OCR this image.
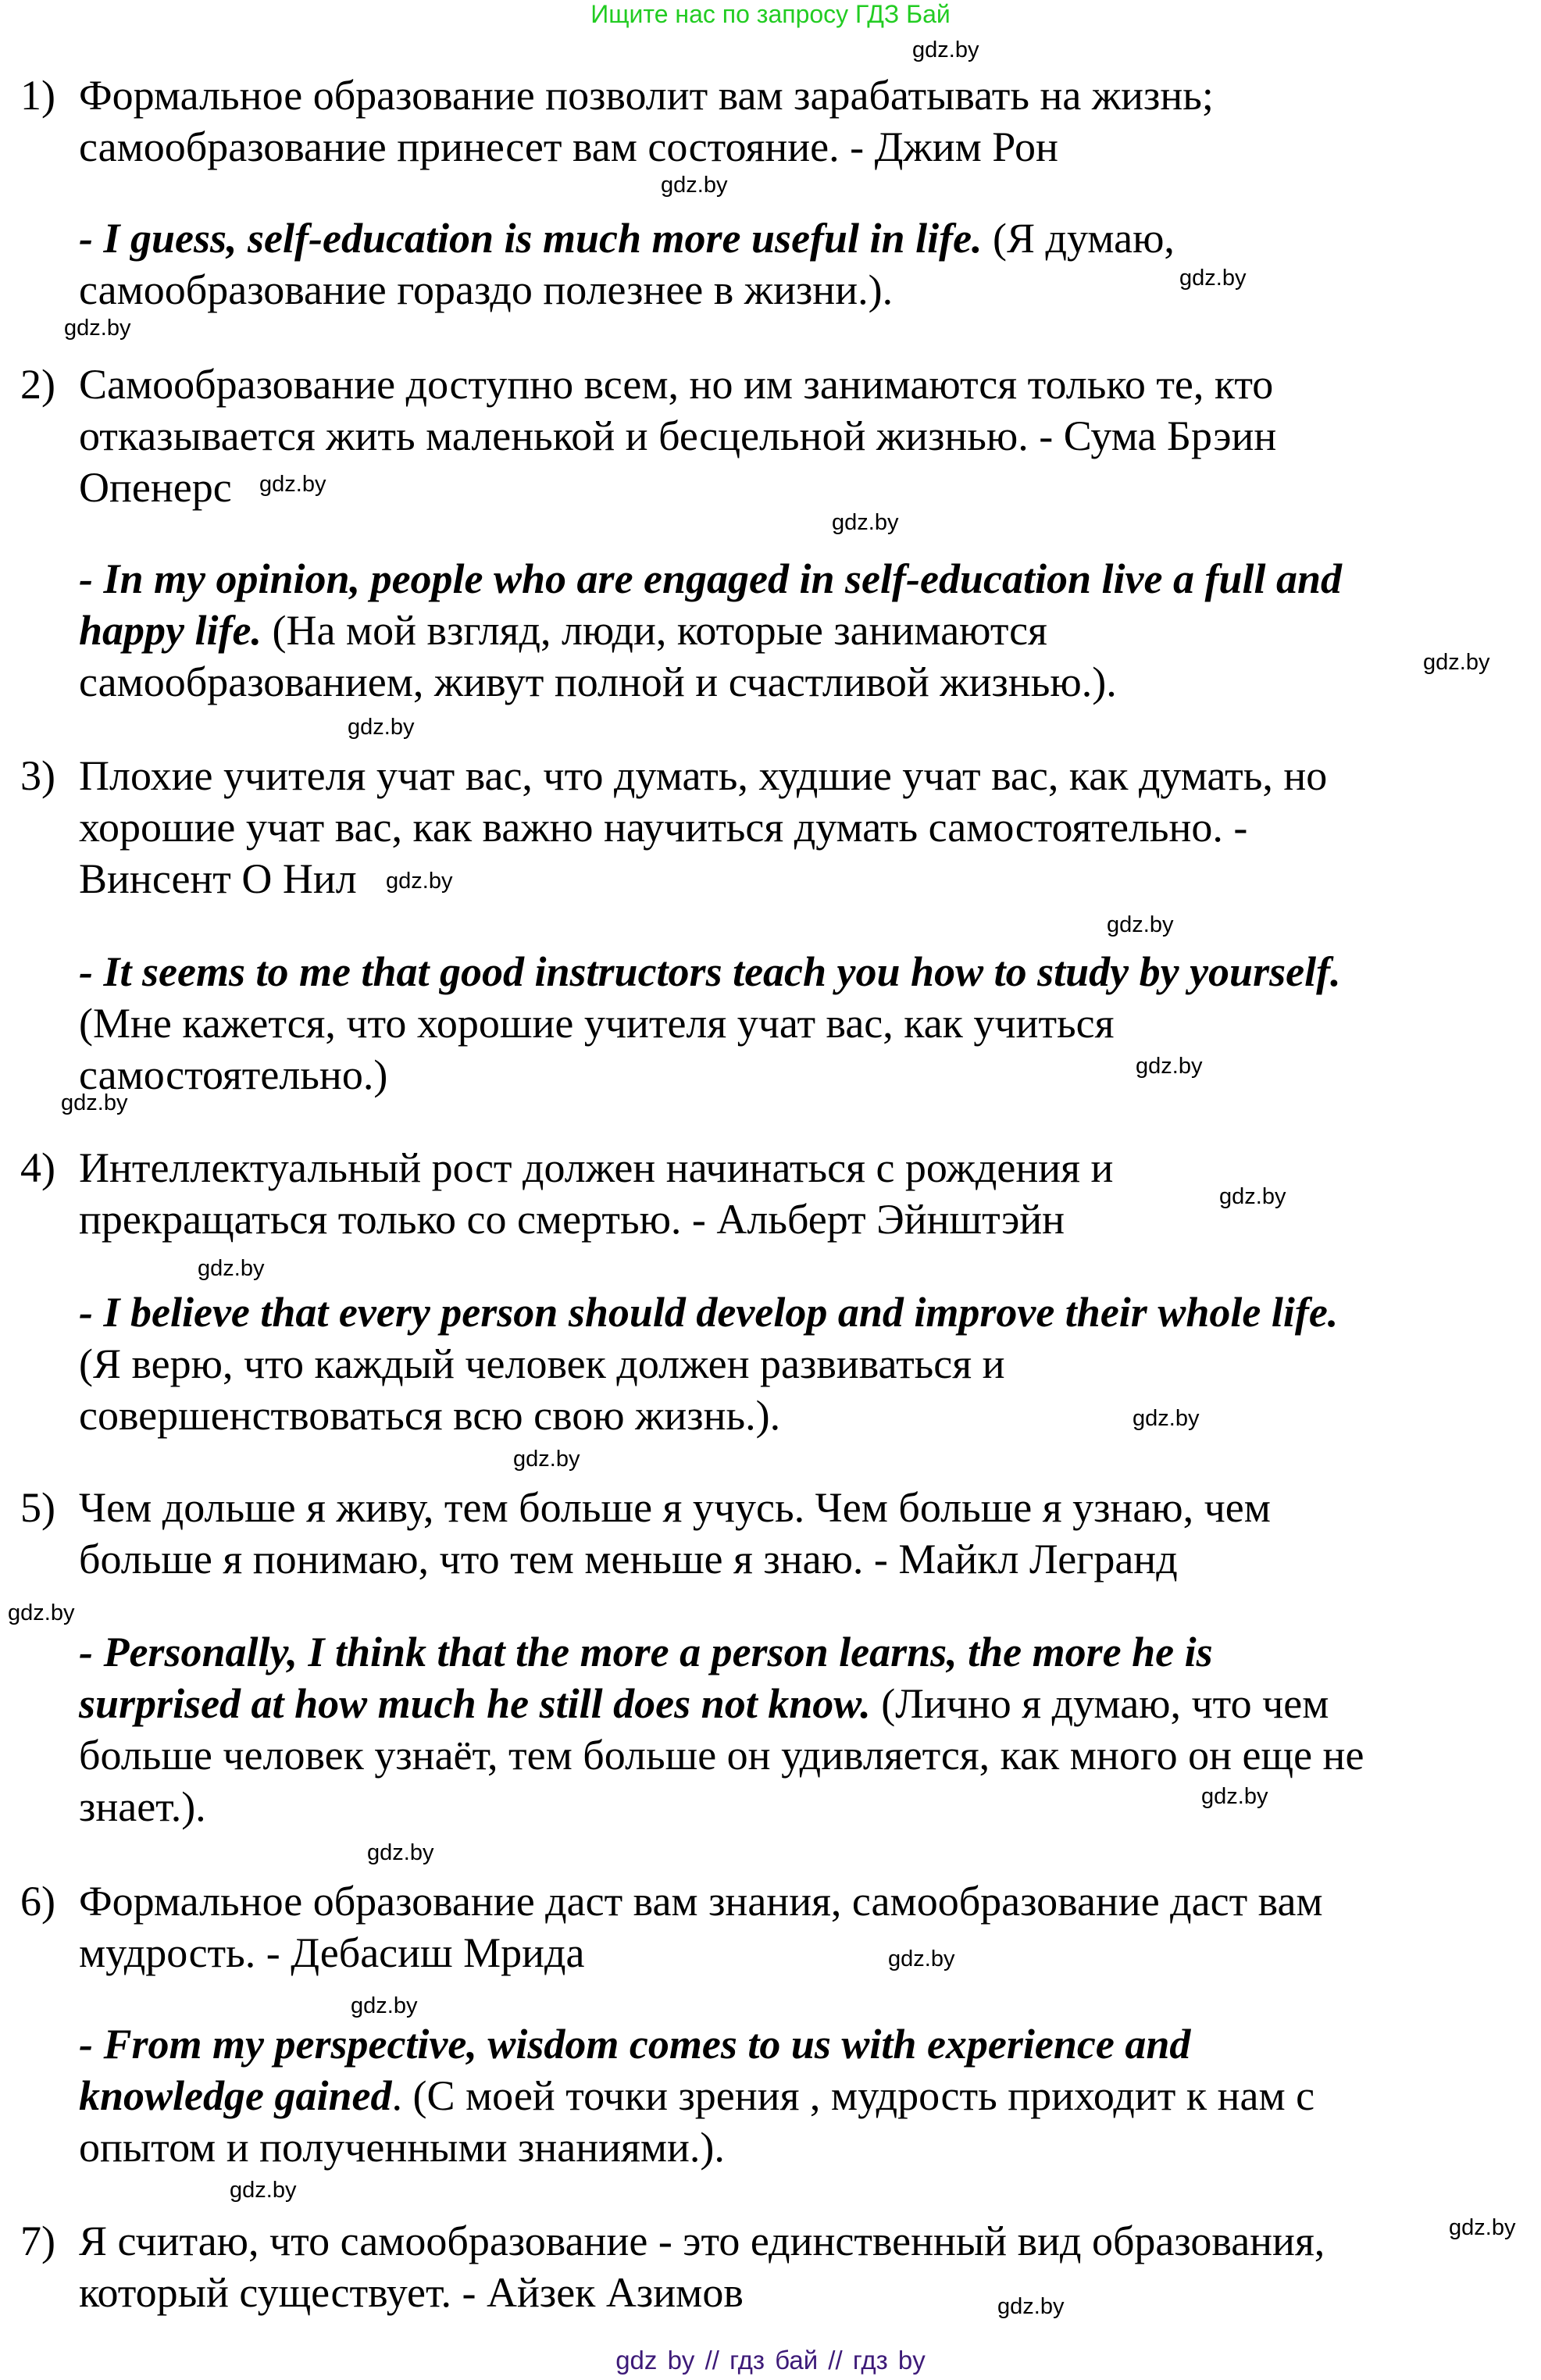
Ищите нас по запросу ГДЗ Бай
1) Формальное образование позволит вам зарабатывать на жизнь;
самообразование принесет вам состояние. - Джим Рон
- I guess, self-education is much more useful in life. (Я думаю,
самообразование гораздо полезнее в жизни.).
2) Самообразование доступно всем, но им занимаются только те, кто
отказывается жить маленькой и бесцельной жизнью. - Сума Брэин
Опенерс
- In my opinion, people who are engaged in self-education live a full and
happy life. (На мой взгляд, люди, которые занимаются
самообразованием, живут полной и счастливой жизнью.).
3) Плохие учителя учат вас, что думать, худшие учат вас, как думать, но
хорошие учат вас, как важно научиться думать самостоятельно. -
Винсент О Нил
- It seems to me that good instructors teach you how to study by yourself.
(Мне кажется, что хорошие учителя учат вас, как учиться
самостоятельно.)
4) Интеллектуальный рост должен начинаться с рождения и
прекращаться только со смертью. - Альберт Эйнштэйн
- I believe that every person should develop and improve their whole life.
(Я верю, что каждый человек должен развиваться и
совершенствоваться всю свою жизнь.).
5) Чем дольше я живу, тем больше я учусь. Чем больше я узнаю, чем
больше я понимаю, что тем меньше я знаю. - Майкл Легранд
- Personally, I think that the more a person learns, the more he is
surprised at how much he still does not know. (Лично я думаю, что чем
больше человек узнаёт, тем больше он удивляется, как много он еще не
знает.).
6) Формальное образование даст вам знания, самообразование даст вам
мудрость. - Дебасиш Мрида
- From my perspective, wisdom comes to us with experience and
knowledge gained. (С моей точки зрения , мудрость приходит к нам с
опытом и полученными знаниями.).
7) Я считаю, что самообразование - это единственный вид образования,
который существует. - Айзек Азимов
gdz.by
gdz.by
gdz.by
gdz.by
gdz.by
gdz.by
gdz.by
gdz.by
gdz.by
gdz.by
gdz.by
gdz.by
gdz.by
gdz.by
gdz.by
gdz.by
gdz.by
gdz.by
gdz.by
gdz.by
gdz.by
gdz.by
gdz.by
gdz.by
gdz by // гдз бай // гдз by
